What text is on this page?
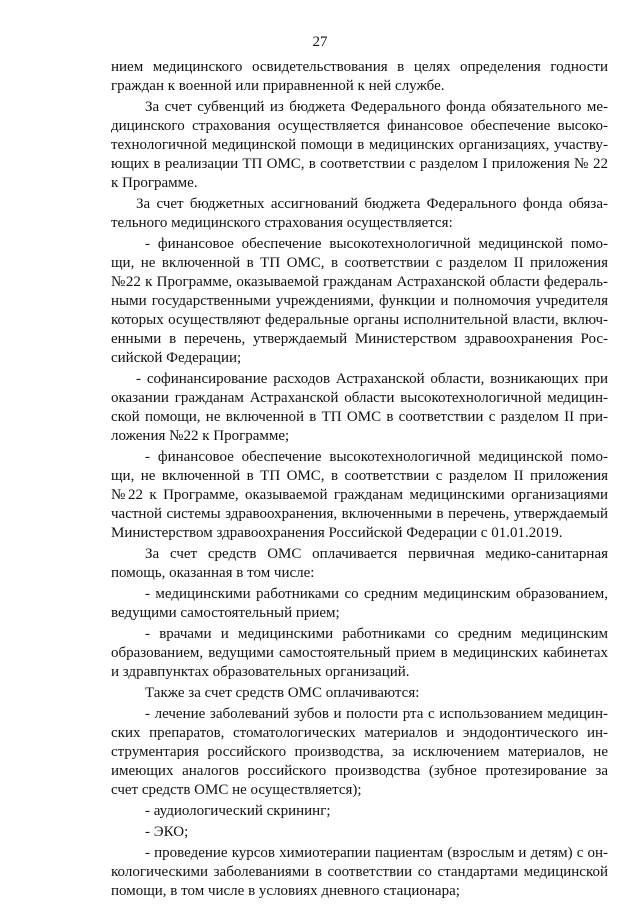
27

нием медицинского освидетельствования в целях определения годности
граждан к военной или приравненной к ней службе.

За счет субвенций из бюджета Федерального фонда обязательного ме-
дицинского страхования осуществляется финансовое обеспечение высоко-
технологичной медицинской помощи в медицинских организациях, участву-
ющих в реализации ТП ОМС, в соответствии с разделом I приложения № 22
к Программе.

За счет бюджетных ассигнований бюджета Федерального фонда обяза-
тельного медицинского страхования осуществляется:

- финансовое обеспечение высокотехнологичной медицинской помо-
щи, не включенной в ТП ОМС, в соответствии с разделом II приложения
№22 к Программе, оказываемой гражданам Астраханской области федераль-
ными государственными учреждениями, функции и полномочия учредителя
которых осуществляют федеральные органы исполнительной власти, включ-
енными в перечень, утверждаемый Министерством здравоохранения Рос-
сийской Федерации;

- софинансирование расходов Астраханской области, возникающих при
оказании гражданам Астраханской области высокотехнологичной медицин-
ской помощи, не включенной в ТП ОМС в соответствии с разделом II при-
ложения №22 к Программе;

- финансовое обеспечение высокотехнологичной медицинской помо-
щи, не включенной в ТП ОМС, в соответствии с разделом II приложения
№22 к Программе, оказываемой гражданам медицинскими организациями
частной системы здравоохранения, включенными в перечень, утверждаемый
Министерством здравоохранения Российской Федерации с 01.01.2019.

За счет средств ОМС оплачивается первичная медико-санитарная
помощь, оказанная в том числе:

- медицинскими работниками со средним медицинским образованием,
ведущими самостоятельный прием;

- врачами и медицинскими работниками со средним медицинским
образованием, ведущими самостоятельный прием в медицинских кабинетах
и здравпунктах образовательных организаций.

Также за счет средств ОМС оплачиваются:

- лечение заболеваний зубов и полости рта с использованием медицин-
ских препаратов, стоматологических материалов и эндодонтического ин-
струментария российского производства, за исключением материалов, не
имеющих аналогов российского производства (зубное протезирование за
счет средств ОМС не осуществляется);

- аудиологический скрининг;

- ЭКО;

- проведение курсов химиотерапии пациентам (взрослым и детям) с он-
кологическими заболеваниями в соответствии со стандартами медицинской
помощи, в том числе в условиях дневного стационара;
